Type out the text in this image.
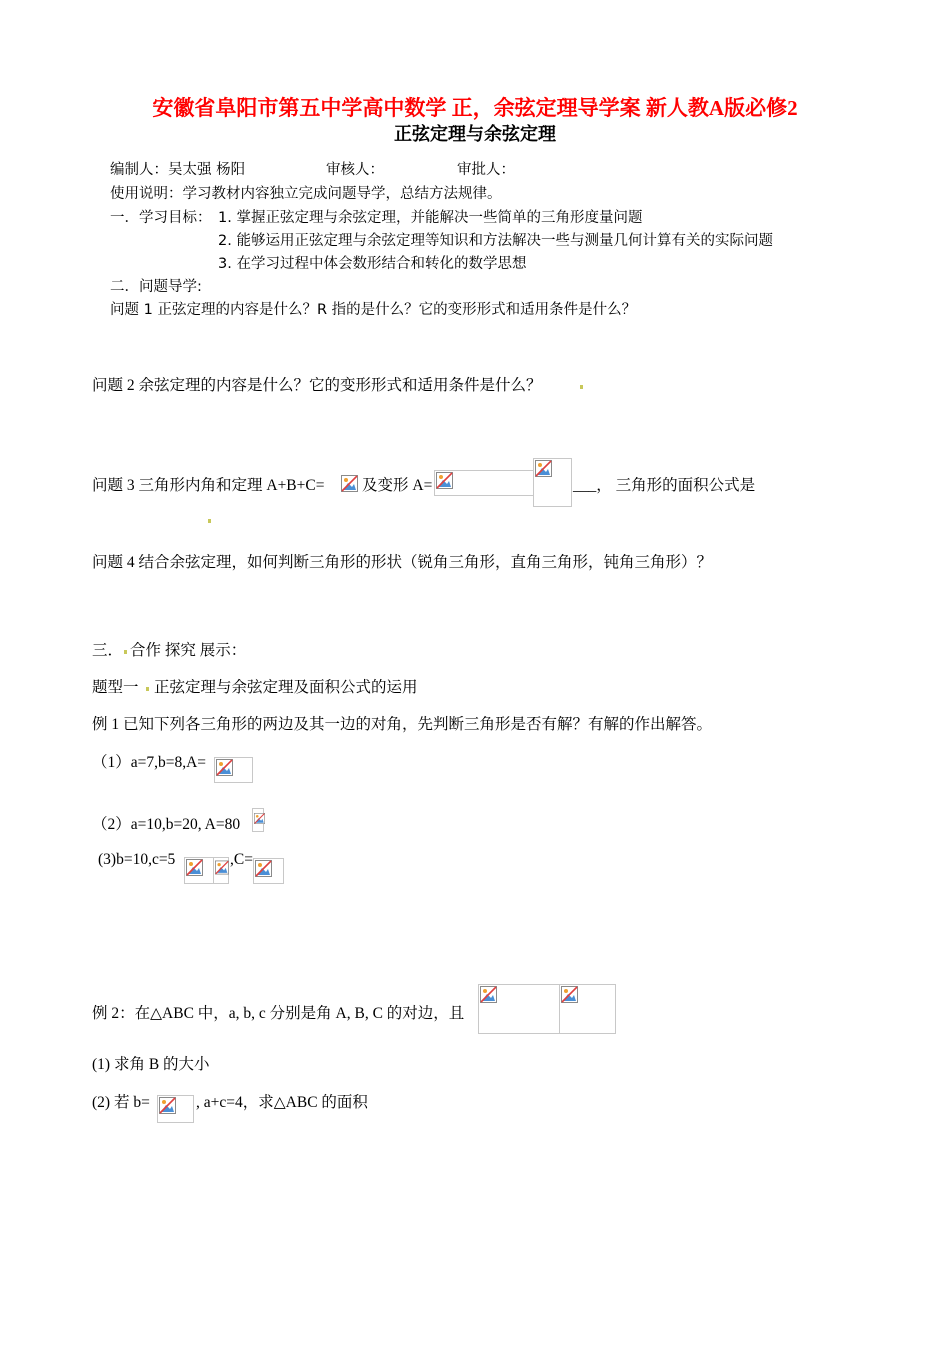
安徽省阜阳市第五中学高中数学 正，余弦定理导学案 新人教A版必修2
正弦定理与余弦定理
编制人：吴太强 杨阳	审核人：	审批人：
使用说明：学习教材内容独立完成问题导学，总结方法规律。
一．学习目标： 1. 掌握正弦定理与余弦定理，并能解决一些简单的三角形度量问题
2. 能够运用正弦定理与余弦定理等知识和方法解决一些与测量几何计算有关的实际问题
3. 在学习过程中体会数形结合和转化的数学思想
二．问题导学:
问题 1 正弦定理的内容是什么？R 指的是什么？它的变形形式和适用条件是什么？
问题 2 余弦定理的内容是什么？它的变形形式和适用条件是什么？
问题 3 三角形内角和定理 A+B+C= 及变形 A=	___， 三角形的面积公式是
问题 4 结合余弦定理，如何判断三角形的形状（锐角三角形，直角三角形，钝角三角形）？
三． 合作 探究 展示：
题型一 正弦定理与余弦定理及面积公式的运用
例 1 已知下列各三角形的两边及其一边的对角，先判断三角形是否有解？有解的作出解答。
（1）a=7,b=8,A=
（2）a=10,b=20, A=80
(3)b=10,c=5	,C=
例 2：在△ABC 中，a, b, c 分别是角 A, B, C 的对边，且
(1) 求角 B 的大小
(2) 若 b=	, a+c=4，求△ABC 的面积
